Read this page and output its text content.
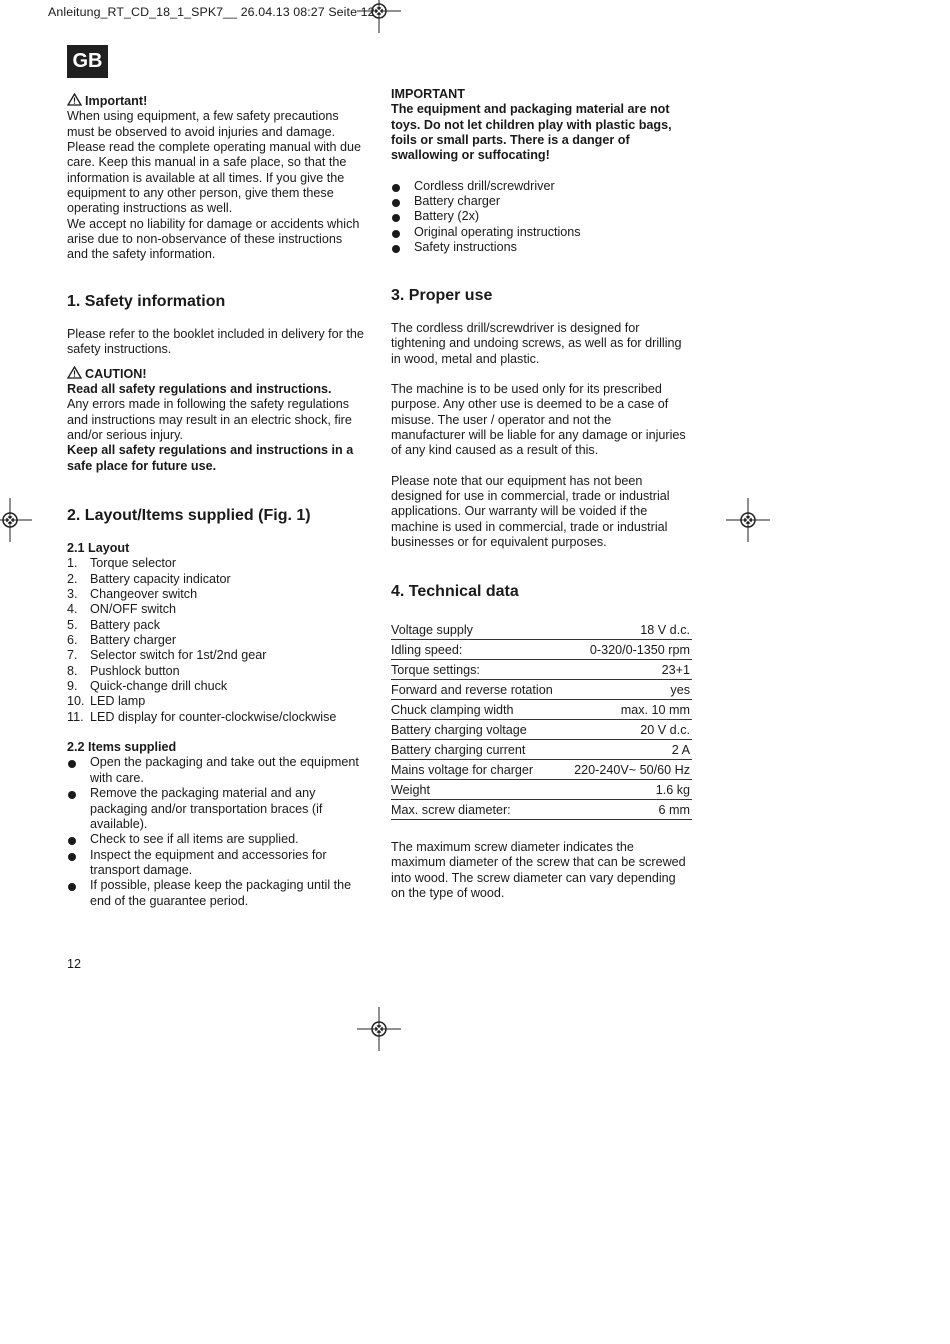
Anleitung_RT_CD_18_1_SPK7__ 26.04.13 08:27 Seite 12
GB

Important!

When using equipment, a few safety precautions

must be observed to avoid injuries and damage.

Please read the complete operating manual with due

care. Keep this manual in a safe place, so that the

information is available at all times. If you give the

equipment to any other person, give them these

operating instructions as well.

We accept no liability for damage or accidents which

arise due to non-observance of these instructions

and the safety information.

1. Safety information

Please refer to the booklet included in delivery for the

safety instructions.

CAUTION!

Read all safety regulations and instructions.

Any errors made in following the safety regulations

and instructions may result in an electric shock, fire

and/or serious injury.

Keep all safety regulations and instructions in a

safe place for future use.

2. Layout/Items supplied (Fig. 1)

2.1 Layout

1. Torque selector
2. Battery capacity indicator
3. Changeover switch
4. ON/OFF switch
5. Battery pack
6. Battery charger
7. Selector switch for 1st/2nd gear
8. Pushlock button
9. Quick-change drill chuck
10. LED lamp
11. LED display for counter-clockwise/clockwise

2.2 Items supplied

Open the packaging and take out the equipment
with care.
Remove the packaging material and any
packaging and/or transportation braces (if
available).
Check to see if all items are supplied.
Inspect the equipment and accessories for
transport damage.
If possible, please keep the packaging until the
end of the guarantee period.

IMPORTANT

The equipment and packaging material are not

toys. Do not let children play with plastic bags,

foils or small parts. There is a danger of

swallowing or suffocating!

Cordless drill/screwdriver
Battery charger
Battery (2x)
Original operating instructions
Safety instructions
3. Proper use

The cordless drill/screwdriver is designed for

tightening and undoing screws, as well as for drilling

in wood, metal and plastic.

The machine is to be used only for its prescribed

purpose. Any other use is deemed to be a case of

misuse. The user / operator and not the

manufacturer will be liable for any damage or injuries

of any kind caused as a result of this.

Please note that our equipment has not been

designed for use in commercial, trade or industrial

applications. Our warranty will be voided if the

machine is used in commercial, trade or industrial

businesses or for equivalent purposes.

4. Technical data
Voltage supply	18 V d.c.
Idling speed:	0-320/0-1350 rpm
Torque settings:	23+1
Forward and reverse rotation	yes
Chuck clamping width	max. 10 mm
Battery charging voltage	20 V d.c.
Battery charging current	2 A
Mains voltage for charger	220-240V~ 50/60 Hz
Weight	1.6 kg
Max. screw diameter:	6 mm

The maximum screw diameter indicates the

maximum diameter of the screw that can be screwed

into wood. The screw diameter can vary depending

on the type of wood.

12
